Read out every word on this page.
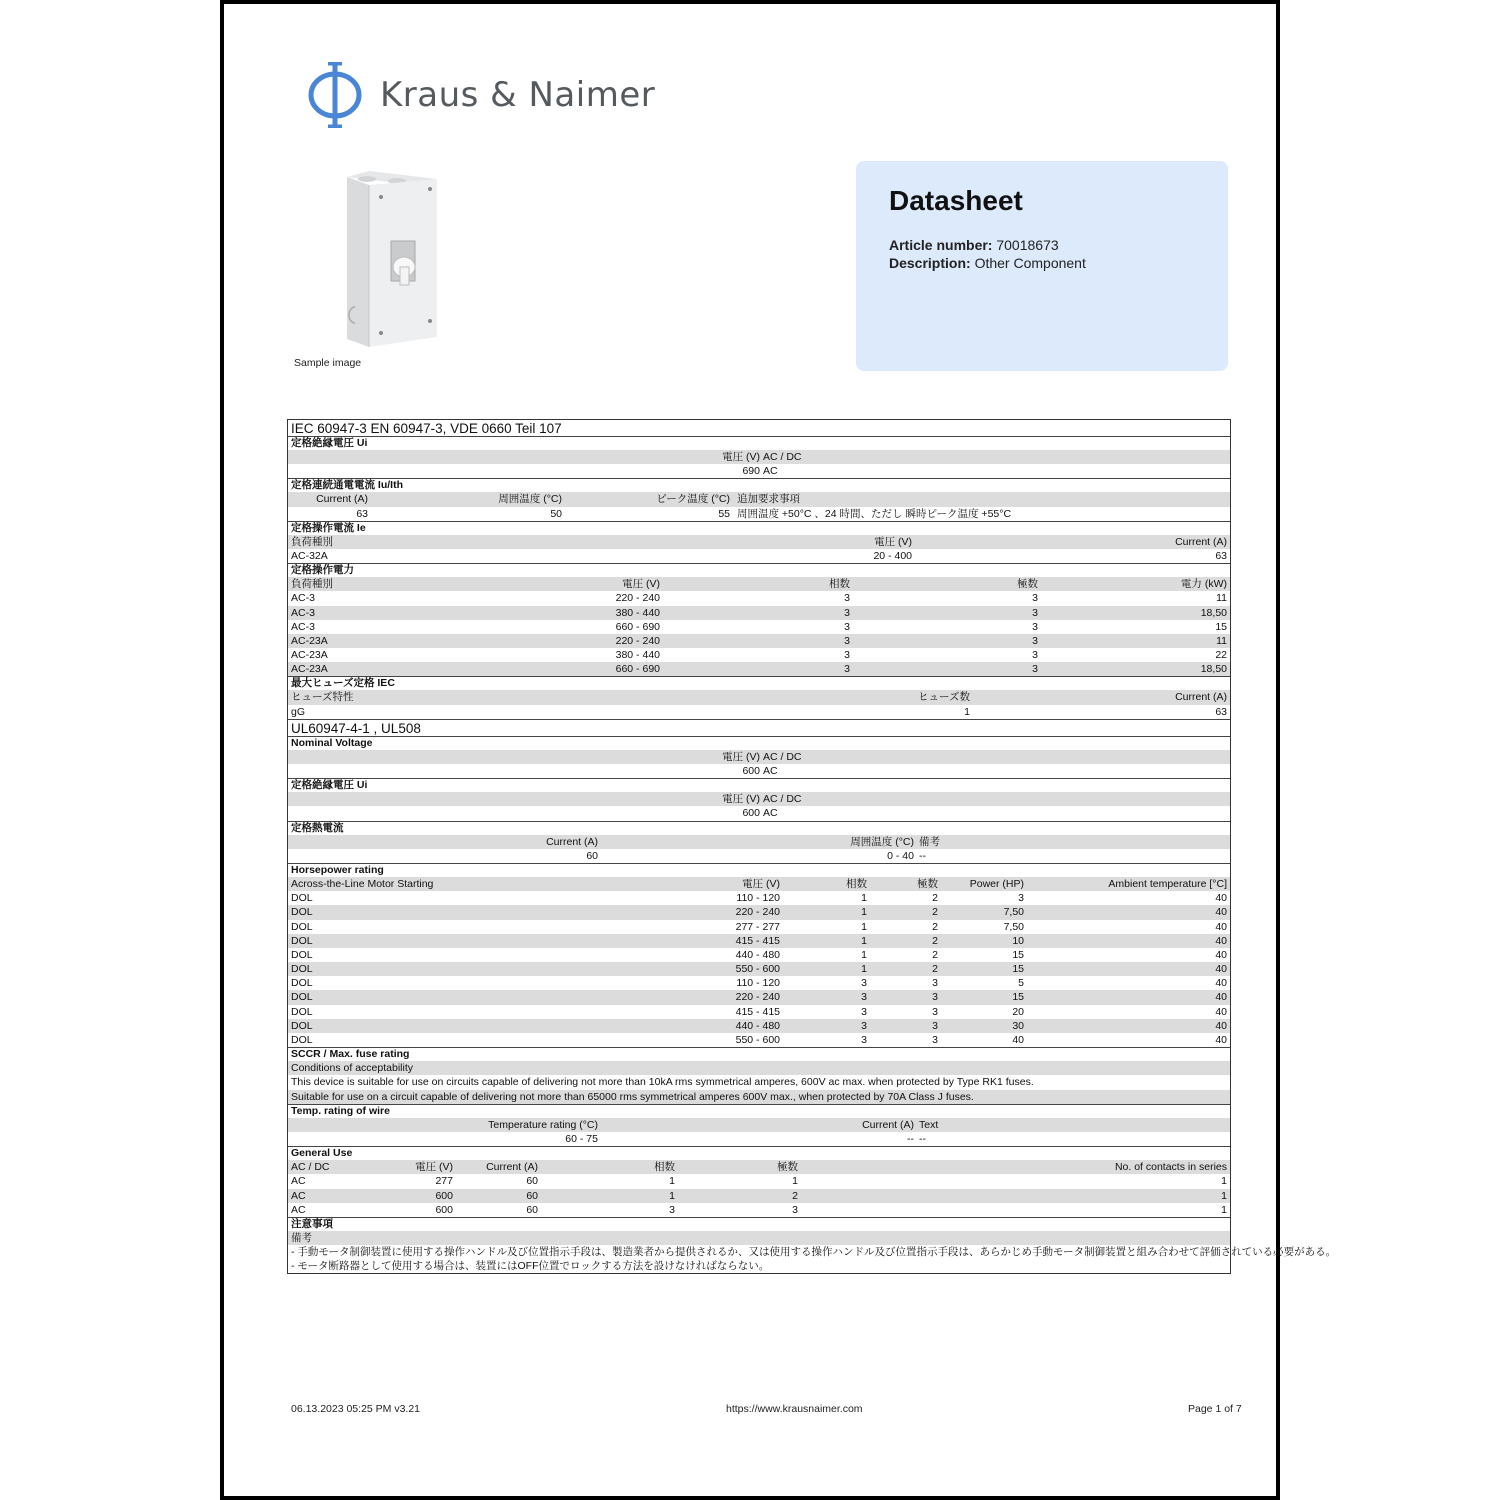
Kraus & Naimer
Sample image
Datasheet
Article number: 70018673
Description: Other Component
IEC 60947-3 EN 60947-3, VDE 0660 Teil 107
定格絶縁電圧 Ui
電圧 (V) AC / DC
690 AC
定格連続通電電流 Iu/Ith
Current (A)	周囲温度 (°C)	ピーク温度 (°C) 追加要求事項
63	50	55 周囲温度 +50°C 、24 時間、ただし 瞬時ピーク温度 +55°C
定格操作電流 Ie
負荷種別	電圧 (V)	Current (A)
AC-32A	20 - 400	63
定格操作電力
負荷種別	電圧 (V)	相数	極数	電力 (kW)
AC-3	220 - 240	3	3	11
AC-3	380 - 440	3	3	18,50
AC-3	660 - 690	3	3	15
AC-23A	220 - 240	3	3	11
AC-23A	380 - 440	3	3	22
AC-23A	660 - 690	3	3	18,50
最大ヒューズ定格 IEC
ヒューズ特性	ヒューズ数	Current (A)
gG	1	63
UL60947-4-1 , UL508
Nominal Voltage
電圧 (V) AC / DC
600 AC
定格絶縁電圧 Ui
電圧 (V) AC / DC
600 AC
定格熱電流
Current (A)	周囲温度 (°C) 備考
60	0 - 40 --
Horsepower rating
Across-the-Line Motor Starting	電圧 (V)	相数	極数	Power (HP)	Ambient temperature [°C]
DOL	110 - 120	1	2	3	40
DOL	220 - 240	1	2	7,50	40
DOL	277 - 277	1	2	7,50	40
DOL	415 - 415	1	2	10	40
DOL	440 - 480	1	2	15	40
DOL	550 - 600	1	2	15	40
DOL	110 - 120	3	3	5	40
DOL	220 - 240	3	3	15	40
DOL	415 - 415	3	3	20	40
DOL	440 - 480	3	3	30	40
DOL	550 - 600	3	3	40	40
SCCR / Max. fuse rating
Conditions of acceptability
This device is suitable for use on circuits capable of delivering not more than 10kA rms symmetrical amperes, 600V ac max. when protected by Type RK1 fuses.
Suitable for use on a circuit capable of delivering not more than 65000 rms symmetrical amperes 600V max., when protected by 70A Class J fuses.
Temp. rating of wire
Temperature rating (°C)	Current (A) Text
60 - 75	-- --
General Use
AC / DC	電圧 (V)	Current (A)	相数	極数	No. of contacts in series
AC	277	60	1	1	1
AC	600	60	1	2	1
AC	600	60	3	3	1
注意事項
備考
- 手動モータ制御装置に使用する操作ハンドル及び位置指示手段は、製造業者から提供されるか、又は使用する操作ハンドル及び位置指示手段は、あらかじめ手動モータ制御装置と組み合わせて評価されている必要がある。
- モータ断路器として使用する場合は、装置にはOFF位置でロックする方法を設けなければならない。
06.13.2023 05:25 PM v3.21	https://www.krausnaimer.com	Page 1 of 7
